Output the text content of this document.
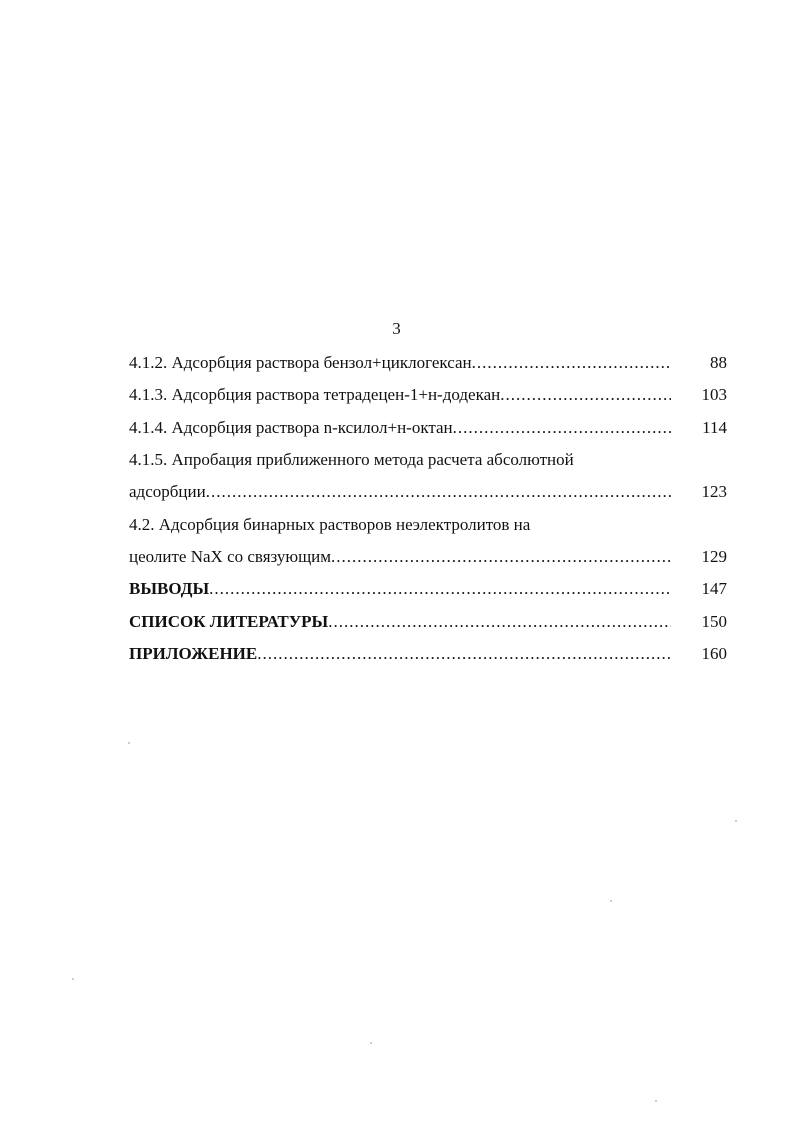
3
4.1.2. Адсорбция раствора бензол+циклогексан .....	88
4.1.3. Адсорбция раствора тетрадецен-1+н-додекан .....	103
4.1.4. Адсорбция раствора n-ксилол+н-октан .....	114
4.1.5. Апробация приближенного метода расчета абсолютной
адсорбции .....	123
4.2. Адсорбция бинарных растворов неэлектролитов на
цеолите NaX со связующим .....	129
ВЫВОДЫ .....	147
СПИСОК ЛИТЕРАТУРЫ .....	150
ПРИЛОЖЕНИЕ .....	160
